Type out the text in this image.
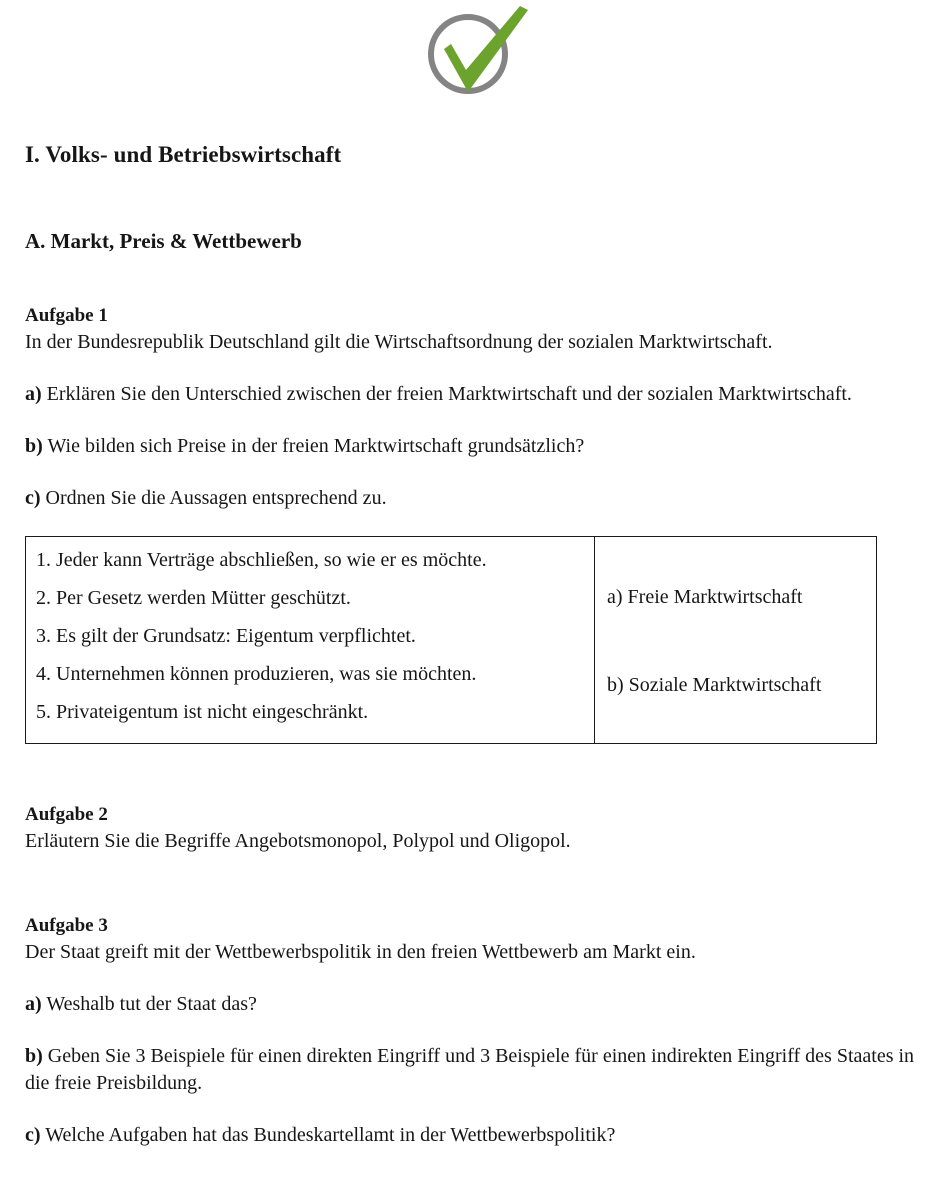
I. Volks- und Betriebswirtschaft
A. Markt, Preis & Wettbewerb
Aufgabe 1
In der Bundesrepublik Deutschland gilt die Wirtschaftsordnung der sozialen Marktwirtschaft.
a) Erklären Sie den Unterschied zwischen der freien Marktwirtschaft und der sozialen Marktwirtschaft.
b) Wie bilden sich Preise in der freien Marktwirtschaft grundsätzlich?
c) Ordnen Sie die Aussagen entsprechend zu.
1. Jeder kann Verträge abschließen, so wie er es möchte.
2. Per Gesetz werden Mütter geschützt.
3. Es gilt der Grundsatz: Eigentum verpflichtet.
4. Unternehmen können produzieren, was sie möchten.
5. Privateigentum ist nicht eingeschränkt.
a) Freie Marktwirtschaft
b) Soziale Marktwirtschaft
Aufgabe 2
Erläutern Sie die Begriffe Angebotsmonopol, Polypol und Oligopol.
Aufgabe 3
Der Staat greift mit der Wettbewerbspolitik in den freien Wettbewerb am Markt ein.
a) Weshalb tut der Staat das?
b) Geben Sie 3 Beispiele für einen direkten Eingriff und 3 Beispiele für einen indirekten Eingriff des Staates in die freie Preisbildung.
c) Welche Aufgaben hat das Bundeskartellamt in der Wettbewerbspolitik?
